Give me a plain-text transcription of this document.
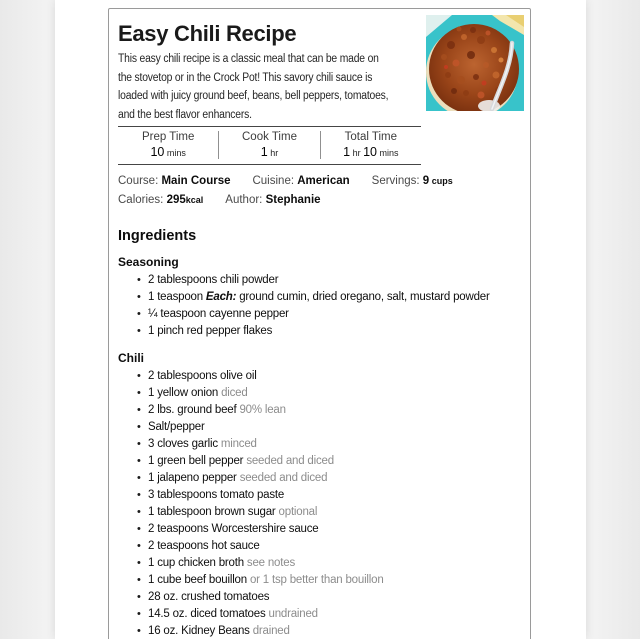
Easy Chili Recipe
This easy chili recipe is a classic meal that can be made on
the stovetop or in the Crock Pot! This savory chili sauce is
loaded with juicy ground beef, beans, bell peppers, tomatoes,
and the best flavor enhancers.
Prep Time
10 mins
Cook Time
1 hr
Total Time
1 hr 10 mins
Course: Main Course Cuisine: American Servings: 9 cups
Calories: 295kcal Author: Stephanie
Ingredients
Seasoning
• 2 tablespoons chili powder
• 1 teaspoon Each: ground cumin, dried oregano, salt, mustard powder
• ¼ teaspoon cayenne pepper
• 1 pinch red pepper flakes
Chili
• 2 tablespoons olive oil
• 1 yellow onion diced
• 2 lbs. ground beef 90% lean
• Salt/pepper
• 3 cloves garlic minced
• 1 green bell pepper seeded and diced
• 1 jalapeno pepper seeded and diced
• 3 tablespoons tomato paste
• 1 tablespoon brown sugar optional
• 2 teaspoons Worcestershire sauce
• 2 teaspoons hot sauce
• 1 cup chicken broth see notes
• 1 cube beef bouillon or 1 tsp better than bouillon
• 28 oz. crushed tomatoes
• 14.5 oz. diced tomatoes undrained
• 16 oz. Kidney Beans drained
